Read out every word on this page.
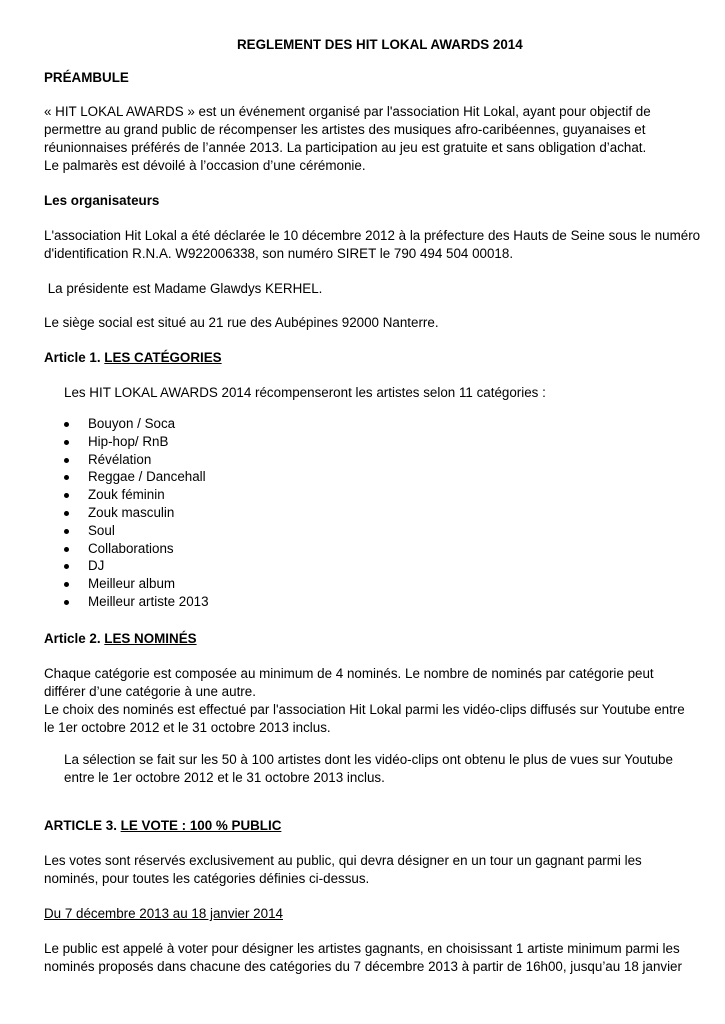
REGLEMENT DES HIT LOKAL AWARDS 2014

PRÉAMBULE

« HIT LOKAL AWARDS » est un événement organisé par l'association Hit Lokal, ayant pour objectif de

permettre au grand public de récompenser les artistes des musiques afro-caribéennes, guyanaises et

réunionnaises préférés de l’année 2013. La participation au jeu est gratuite et sans obligation d’achat.

Le palmarès est dévoilé à l’occasion d’une cérémonie.

Les organisateurs

L'association Hit Lokal a été déclarée le 10 décembre 2012 à la préfecture des Hauts de Seine sous le numéro

d'identification R.N.A. W922006338, son numéro SIRET le 790 494 504 00018.

La présidente est Madame Glawdys KERHEL.

Le siège social est situé au 21 rue des Aubépines 92000 Nanterre.

Article 1. LES CATÉGORIES

Les HIT LOKAL AWARDS 2014 récompenseront les artistes selon 11 catégories :

Bouyon / Soca
Hip-hop/ RnB
Révélation
Reggae / Dancehall
Zouk féminin
Zouk masculin
Soul
Collaborations
DJ
Meilleur album
Meilleur artiste 2013

Article 2. LES NOMINÉS

Chaque catégorie est composée au minimum de 4 nominés. Le nombre de nominés par catégorie peut

différer d’une catégorie à une autre.

Le choix des nominés est effectué par l'association Hit Lokal parmi les vidéo-clips diffusés sur Youtube entre

le 1er octobre 2012 et le 31 octobre 2013 inclus.

La sélection se fait sur les 50 à 100 artistes dont les vidéo-clips ont obtenu le plus de vues sur Youtube

entre le 1er octobre 2012 et le 31 octobre 2013 inclus.

ARTICLE 3. LE VOTE : 100 % PUBLIC

Les votes sont réservés exclusivement au public, qui devra désigner en un tour un gagnant parmi les

nominés, pour toutes les catégories définies ci-dessus.

Du 7 décembre 2013 au 18 janvier 2014

Le public est appelé à voter pour désigner les artistes gagnants, en choisissant 1 artiste minimum parmi les

nominés proposés dans chacune des catégories du 7 décembre 2013 à partir de 16h00, jusqu’au 18 janvier
